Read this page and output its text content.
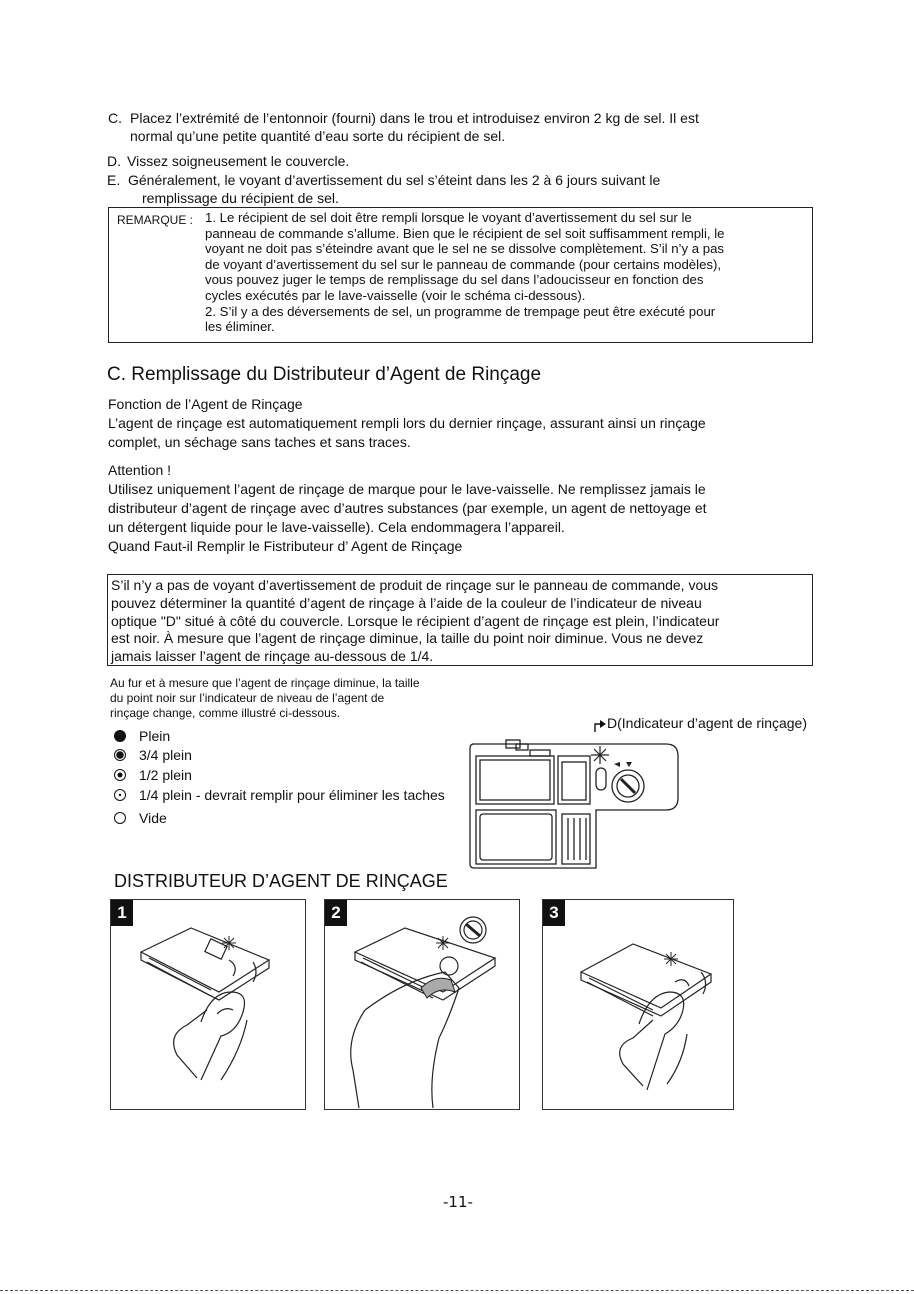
C. Placez l’extrémité de l’entonnoir (fourni) dans le trou et introduisez environ 2 kg de sel. Il est
normal qu’une petite quantité d’eau sorte du récipient de sel.
D. Vissez soigneusement le couvercle.
E. Généralement, le voyant d’avertissement du sel s’éteint dans les 2 à 6 jours suivant le
remplissage du récipient de sel.
REMARQUE : 1. Le récipient de sel doit être rempli lorsque le voyant d’avertissement du sel sur le
panneau de commande s’allume. Bien que le récipient de sel soit suffisamment rempli, le
voyant ne doit pas s’éteindre avant que le sel ne se dissolve complètement. S’il n’y a pas
de voyant d’avertissement du sel sur le panneau de commande (pour certains modèles),
vous pouvez juger le temps de remplissage du sel dans l’adoucisseur en fonction des
cycles exécutés par le lave-vaisselle (voir le schéma ci-dessous).
2. S’il y a des déversements de sel, un programme de trempage peut être exécuté pour
les éliminer.
C. Remplissage du Distributeur d’Agent de Rinçage
Fonction de l’Agent de Rinçage
L’agent de rinçage est automatiquement rempli lors du dernier rinçage, assurant ainsi un rinçage
complet, un séchage sans taches et sans traces.
Attention !
Utilisez uniquement l’agent de rinçage de marque pour le lave-vaisselle. Ne remplissez jamais le
distributeur d’agent de rinçage avec d’autres substances (par exemple, un agent de nettoyage et
un détergent liquide pour le lave-vaisselle). Cela endommagera l’appareil.
Quand Faut-il Remplir le Fistributeur d’ Agent de Rinçage
S’il n’y a pas de voyant d’avertissement de produit de rinçage sur le panneau de commande, vous
pouvez déterminer la quantité d’agent de rinçage à l’aide de la couleur de l’indicateur de niveau
optique "D" situé à côté du couvercle. Lorsque le récipient d’agent de rinçage est plein, l’indicateur
est noir. À mesure que l’agent de rinçage diminue, la taille du point noir diminue. Vous ne devez
jamais laisser l’agent de rinçage au-dessous de 1/4.
Au fur et à mesure que l’agent de rinçage diminue, la taille
du point noir sur l’indicateur de niveau de l’agent de
rinçage change, comme illustré ci-dessous.
Plein
3/4 plein
1/2 plein
1/4 plein - devrait remplir pour éliminer les taches
Vide
D(Indicateur d’agent de rinçage)
DISTRIBUTEUR D’AGENT DE RINÇAGE
1	2	3
-11-
